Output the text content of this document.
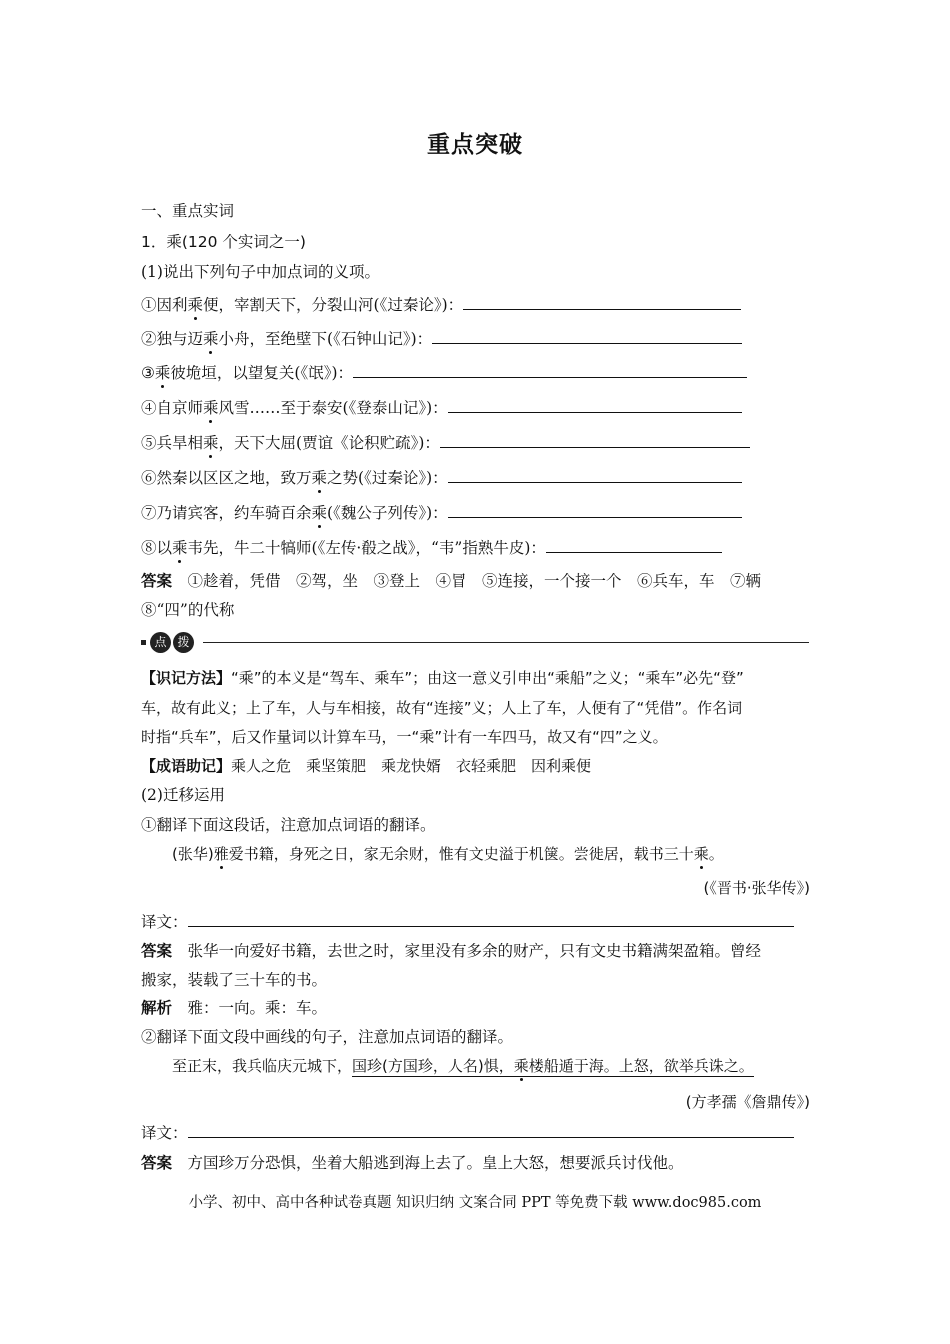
重点突破
一、重点实词
1．乘(120 个实词之一)
(1)说出下列句子中加点词的义项。
①因利乘便，宰割天下，分裂山河(《过秦论》)：
②独与迈乘小舟，至绝壁下(《石钟山记》)：
③乘彼垝垣，以望复关(《氓》)：
④自京师乘风雪……至于泰安(《登泰山记》)：
⑤兵旱相乘，天下大屈(贾谊《论积贮疏》)：
⑥然秦以区区之地，致万乘之势(《过秦论》)：
⑦乃请宾客，约车骑百余乘(《魏公子列传》)：
⑧以乘韦先，牛二十犒师(《左传·殽之战》，“韦”指熟牛皮)：
答案　 ①趁着，凭借　②驾，坐　③登上　④冒　⑤连接，一个接一个　⑥兵车，车　⑦辆
⑧“四”的代称
点 拨
【识记方法】“乘”的本义是“驾车、乘车”；由这一意义引申出“乘船”之义；“乘车”必先“登”
车，故有此义；上了车，人与车相接，故有“连接”义；人上了车，人便有了“凭借”。作名词
时指“兵车”，后又作量词以计算车马，一“乘”计有一车四马，故又有“四”之义。
【成语助记】乘人之危　乘坚策肥　乘龙快婿　衣轻乘肥　因利乘便
(2)迁移运用
①翻译下面这段话，注意加点词语的翻译。
(张华)雅爱书籍，身死之日，家无余财，惟有文史溢于机箧。尝徙居，载书三十乘。
(《晋书·张华传》)
译文：
答案　 张华一向爱好书籍，去世之时，家里没有多余的财产，只有文史书籍满架盈箱。曾经
搬家，装载了三十车的书。
解析　 雅：一向。乘：车。
②翻译下面文段中画线的句子，注意加点词语的翻译。
至正末，我兵临庆元城下，国珍(方国珍，人名)惧，乘楼船遁于海。上怒，欲举兵诛之。
(方孝孺《詹鼎传》)
译文：
答案　 方国珍万分恐惧，坐着大船逃到海上去了。皇上大怒，想要派兵讨伐他。
小学、初中、高中各种试卷真题 知识归纳 文案合同 PPT 等免费下载 www.doc985.com
